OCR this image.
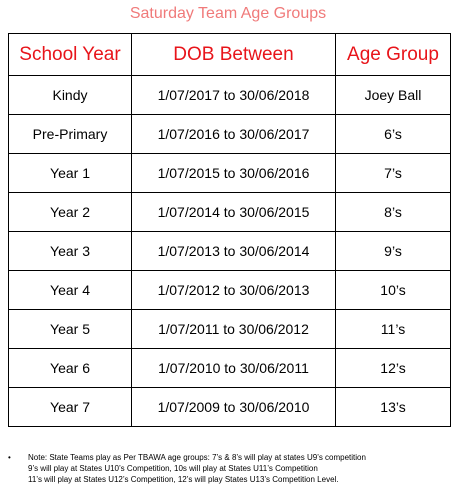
Saturday Team Age Groups
School Year	DOB Between	Age Group
Kindy	1/07/2017 to 30/06/2018	Joey Ball
Pre-Primary	1/07/2016 to 30/06/2017	6’s
Year 1	1/07/2015 to 30/06/2016	7’s
Year 2	1/07/2014 to 30/06/2015	8’s
Year 3	1/07/2013 to 30/06/2014	9’s
Year 4	1/07/2012 to 30/06/2013	10’s
Year 5	1/07/2011 to 30/06/2012	11’s
Year 6	1/07/2010 to 30/06/2011	12’s
Year 7	1/07/2009 to 30/06/2010	13’s
• Note: State Teams play as Per TBAWA age groups: 7’s & 8’s will play at states U9’s competition
9’s will play at States U10’s Competition, 10s will play at States U11’s Competition
11’s will play at States U12’s Competition, 12’s will play States U13’s Competition Level.
